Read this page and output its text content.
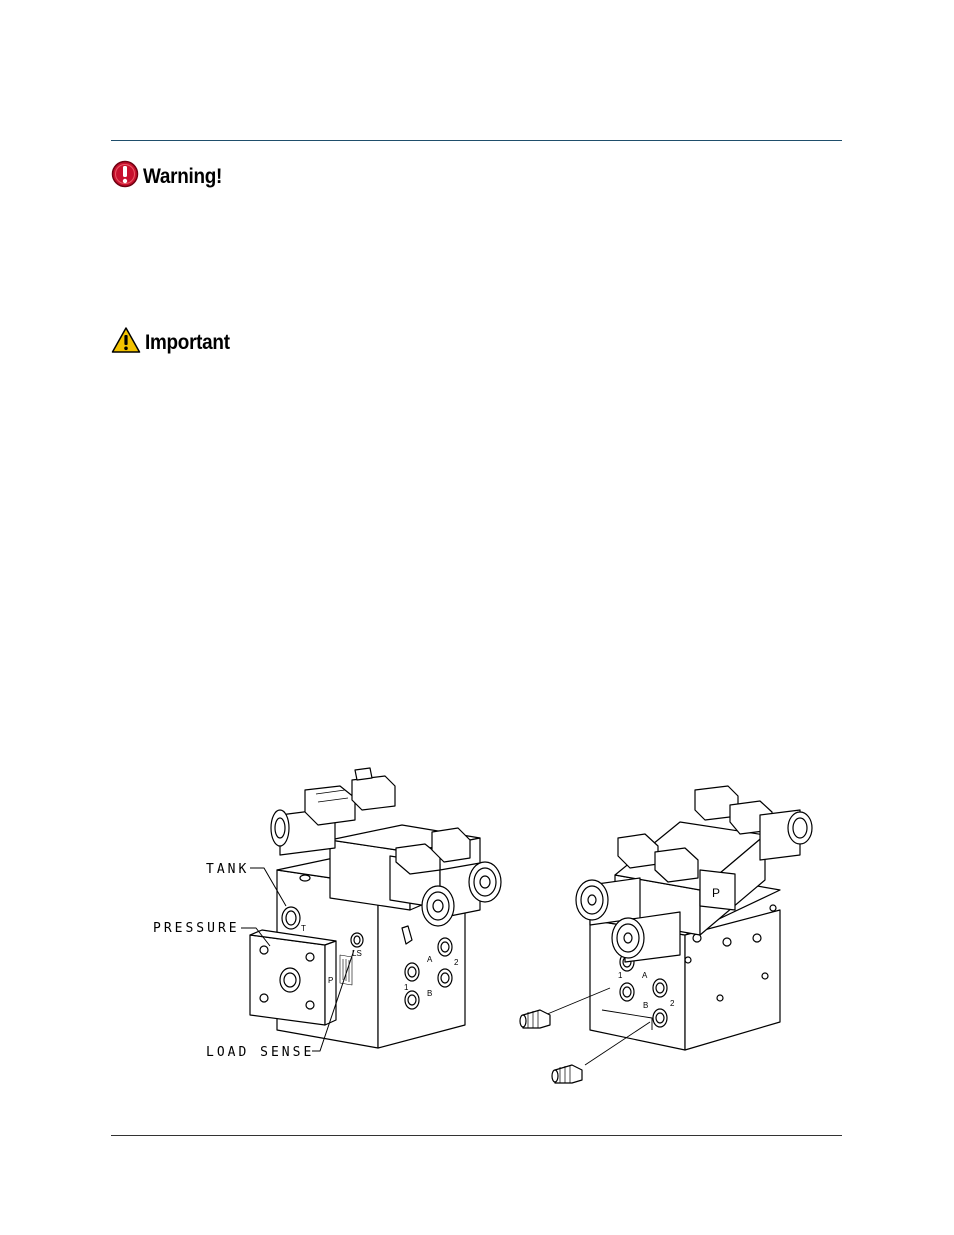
Warning!
Important
TANK
PRESSURE
LOAD SENSE
T
P
LS
A
B
1
2
1
2
A
B
P
